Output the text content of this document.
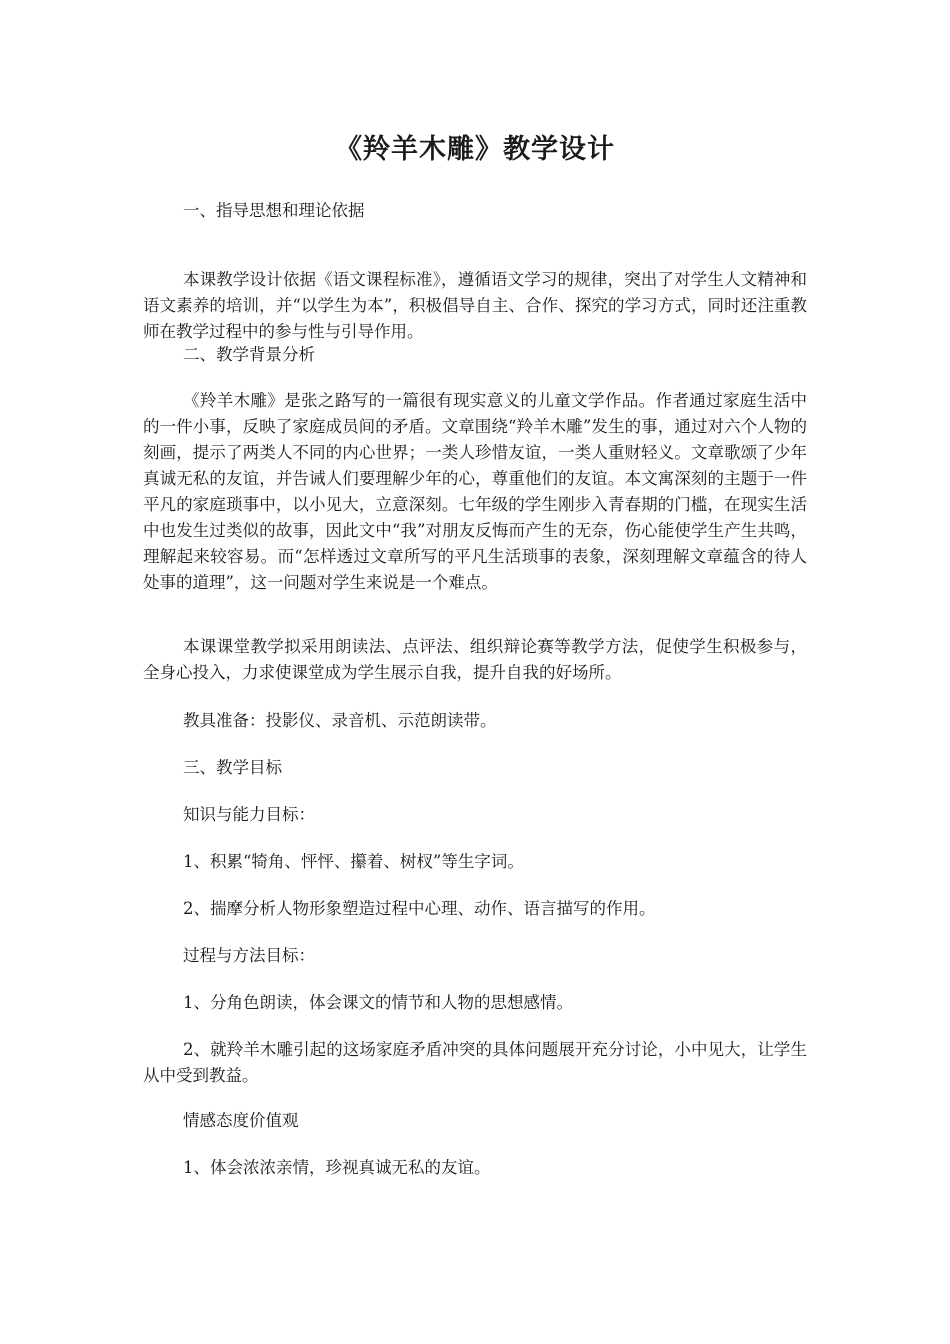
《羚羊木雕》教学设计

一、指导思想和理论依据

本课教学设计依据《语文课程标准》，遵循语文学习的规律，突出了对学生人文精神和语文素养的培训，并“以学生为本”，积极倡导自主、合作、探究的学习方式，同时还注重教师在教学过程中的参与性与引导作用。

二、教学背景分析

《羚羊木雕》是张之路写的一篇很有现实意义的儿童文学作品。作者通过家庭生活中的一件小事，反映了家庭成员间的矛盾。文章围绕“羚羊木雕”发生的事，通过对六个人物的刻画，提示了两类人不同的内心世界；一类人珍惜友谊，一类人重财轻义。文章歌颂了少年真诚无私的友谊，并告诫人们要理解少年的心，尊重他们的友谊。本文寓深刻的主题于一件平凡的家庭琐事中，以小见大，立意深刻。七年级的学生刚步入青春期的门槛，在现实生活中也发生过类似的故事，因此文中“我”对朋友反悔而产生的无奈，伤心能使学生产生共鸣，理解起来较容易。而“怎样透过文章所写的平凡生活琐事的表象，深刻理解文章蕴含的待人处事的道理”，这一问题对学生来说是一个难点。

本课课堂教学拟采用朗读法、点评法、组织辩论赛等教学方法，促使学生积极参与，全身心投入，力求使课堂成为学生展示自我，提升自我的好场所。

教具准备：投影仪、录音机、示范朗读带。

三、教学目标

知识与能力目标：

1、积累“犄角、怦怦、攥着、树杈”等生字词。

2、揣摩分析人物形象塑造过程中心理、动作、语言描写的作用。

过程与方法目标：

1、分角色朗读，体会课文的情节和人物的思想感情。

2、就羚羊木雕引起的这场家庭矛盾冲突的具体问题展开充分讨论，小中见大，让学生从中受到教益。

情感态度价值观

1、体会浓浓亲情，珍视真诚无私的友谊。
